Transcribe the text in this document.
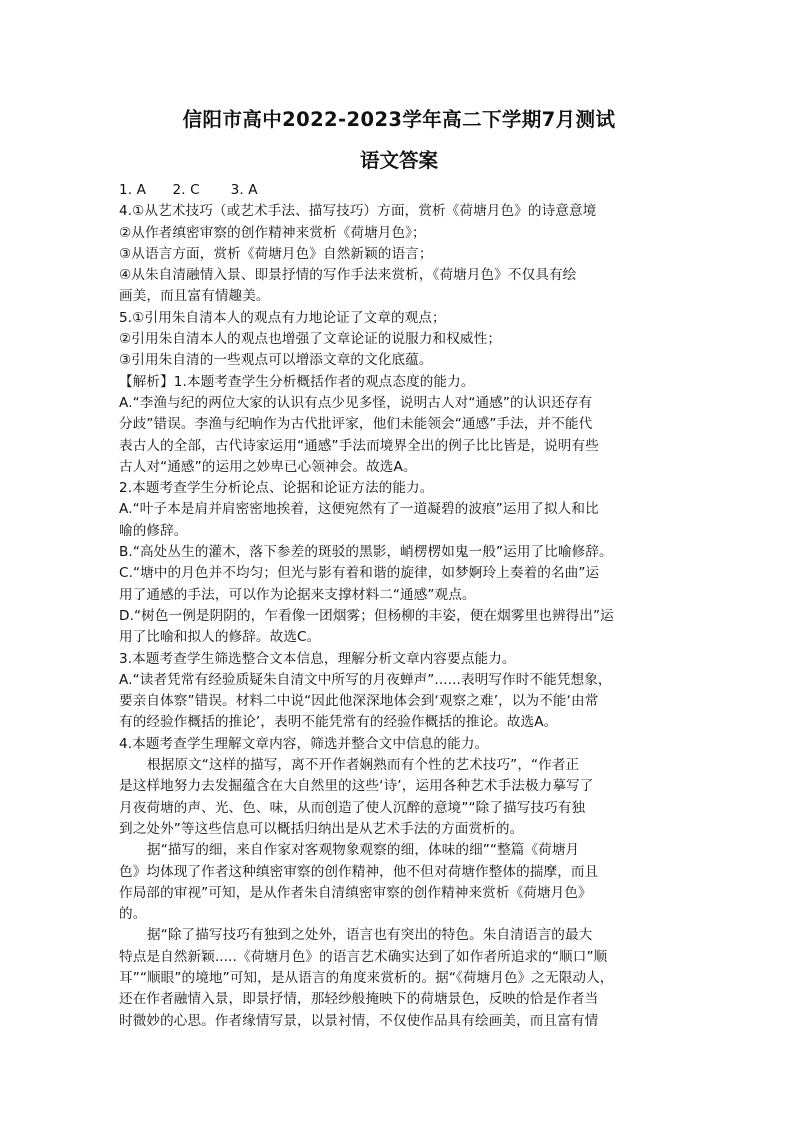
信阳市高中2022-2023学年高二下学期7月测试
语文答案
1. A      2. C       3. A
4.①从艺术技巧（或艺术手法、描写技巧）方面，赏析《荷塘月色》的诗意意境
②从作者缜密审察的创作精神来赏析《荷塘月色》；
③从语言方面，赏析《荷塘月色》自然新颖的语言；
④从朱自清融情入景、即景抒情的写作手法来赏析，《荷塘月色》不仅具有绘
画美，而且富有情趣美。
5.①引用朱自清本人的观点有力地论证了文章的观点；
②引用朱自清本人的观点也增强了文章论证的说服力和权威性；
③引用朱自清的一些观点可以增添文章的文化底蕴。
【解析】1.本题考查学生分析概括作者的观点态度的能力。
A.“李渔与纪的两位大家的认识有点少见多怪，说明古人对“通感”的认识还存有
分歧”错误。李渔与纪晌作为古代批评家，他们未能领会“通感”手法，并不能代
表古人的全部，古代诗家运用“通感”手法而境界全出的例子比比皆是，说明有些
古人对“通感”的运用之妙卑已心领神会。故选A。
2.本题考查学生分析论点、论据和论证方法的能力。
A.“叶子本是肩并肩密密地挨着，这便宛然有了一道凝碧的波痕”运用了拟人和比
喻的修辞。
B.“高处丛生的灌木，落下参差的斑驳的黑影，峭楞楞如鬼一般”运用了比喻修辞。
C.“塘中的月色并不均匀；但光与影有着和谐的旋律，如梦婀玲上奏着的名曲”运
用了通感的手法，可以作为论据来支撑材料二“通感”观点。
D.“树色一例是阴阴的，乍看像一团烟雾；但杨柳的丰姿，便在烟雾里也辨得出”运
用了比喻和拟人的修辞。故选C。
3.本题考查学生筛选整合文本信息，理解分析文章内容要点能力。
A.“读者凭常有经验质疑朱自清文中所写的月夜蝉声”......表明写作时不能凭想象，
要亲自体察”错误。材料二中说“因此他深深地体会到‘观察之难’，以为不能‘由常
有的经验作概括的推论’，表明不能凭常有的经验作概括的推论。故选A。
4.本题考查学生理解文章内容，筛选并整合文中信息的能力。
根据原文“这样的描写，离不开作者娴熟而有个性的艺术技巧”，“作者正
是这样地努力去发掘蕴含在大自然里的这些‘诗’，运用各种艺术手法极力摹写了
月夜荷塘的声、光、色、味，从而创造了使人沉醉的意境”“除了描写技巧有独
到之处外”等这些信息可以概括归纳出是从艺术手法的方面赏析的。
据“描写的细，来自作家对客观物象观察的细，体味的细”“整篇《荷塘月
色》均体现了作者这种缜密审察的创作精神，他不但对荷塘作整体的揣摩，而且
作局部的审视”可知，是从作者朱自清缜密审察的创作精神来赏析《荷塘月色》
的。
据“除了描写技巧有独到之处外，语言也有突出的特色。朱自清语言的最大
特点是自然新颖.....《荷塘月色》的语言艺术确实达到了如作者所追求的“顺口”顺
耳”“顺眼”的境地”可知，是从语言的角度来赏析的。据“《荷塘月色》之无限动人，
还在作者融情入景，即景抒情，那轻纱般掩映下的荷塘景色，反映的恰是作者当
时微妙的心思。作者缘情写景，以景衬情，不仅使作品具有绘画美，而且富有情
